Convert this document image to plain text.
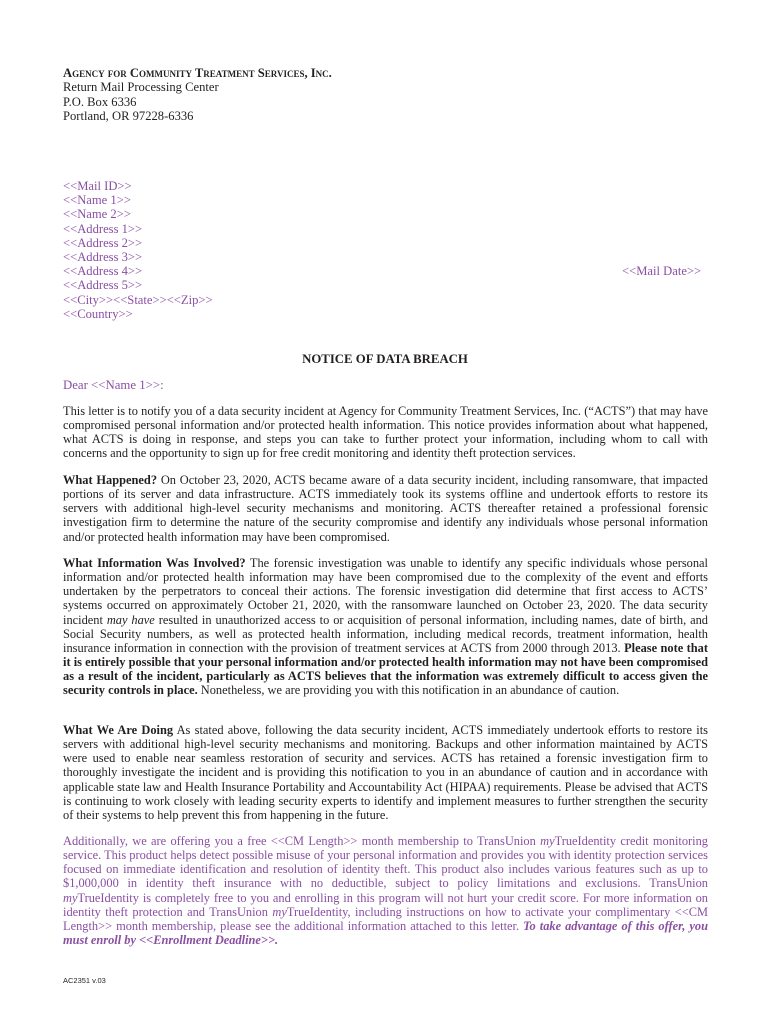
Agency for Community Treatment Services, Inc.
Return Mail Processing Center
P.O. Box 6336
Portland, OR 97228-6336
<<Mail ID>>
<<Name 1>>
<<Name 2>>
<<Address 1>>
<<Address 2>>
<<Address 3>>
<<Address 4>>
<<Address 5>>
<<City>><<State>><<Zip>>
<<Country>>
<<Mail Date>>
NOTICE OF DATA BREACH
Dear <<Name 1>>:
This letter is to notify you of a data security incident at Agency for Community Treatment Services, Inc. (“ACTS”) that may have compromised personal information and/or protected health information. This notice provides information about what happened, what ACTS is doing in response, and steps you can take to further protect your information, including whom to call with concerns and the opportunity to sign up for free credit monitoring and identity theft protection services.
What Happened? On October 23, 2020, ACTS became aware of a data security incident, including ransomware, that impacted portions of its server and data infrastructure. ACTS immediately took its systems offline and undertook efforts to restore its servers with additional high-level security mechanisms and monitoring. ACTS thereafter retained a professional forensic investigation firm to determine the nature of the security compromise and identify any individuals whose personal information and/or protected health information may have been compromised.
What Information Was Involved? The forensic investigation was unable to identify any specific individuals whose personal information and/or protected health information may have been compromised due to the complexity of the event and efforts undertaken by the perpetrators to conceal their actions. The forensic investigation did determine that first access to ACTS’ systems occurred on approximately October 21, 2020, with the ransomware launched on October 23, 2020. The data security incident may have resulted in unauthorized access to or acquisition of personal information, including names, date of birth, and Social Security numbers, as well as protected health information, including medical records, treatment information, health insurance information in connection with the provision of treatment services at ACTS from 2000 through 2013. Please note that it is entirely possible that your personal information and/or protected health information may not have been compromised as a result of the incident, particularly as ACTS believes that the information was extremely difficult to access given the security controls in place. Nonetheless, we are providing you with this notification in an abundance of caution.
What We Are Doing As stated above, following the data security incident, ACTS immediately undertook efforts to restore its servers with additional high-level security mechanisms and monitoring. Backups and other information maintained by ACTS were used to enable near seamless restoration of security and services. ACTS has retained a forensic investigation firm to thoroughly investigate the incident and is providing this notification to you in an abundance of caution and in accordance with applicable state law and Health Insurance Portability and Accountability Act (HIPAA) requirements. Please be advised that ACTS is continuing to work closely with leading security experts to identify and implement measures to further strengthen the security of their systems to help prevent this from happening in the future.
Additionally, we are offering you a free <<CM Length>> month membership to TransUnion myTrueIdentity credit monitoring service. This product helps detect possible misuse of your personal information and provides you with identity protection services focused on immediate identification and resolution of identity theft. This product also includes various features such as up to $1,000,000 in identity theft insurance with no deductible, subject to policy limitations and exclusions. TransUnion myTrueIdentity is completely free to you and enrolling in this program will not hurt your credit score. For more information on identity theft protection and TransUnion myTrueIdentity, including instructions on how to activate your complimentary <<CM Length>> month membership, please see the additional information attached to this letter. To take advantage of this offer, you must enroll by <<Enrollment Deadline>>.
AC2351 v.03
